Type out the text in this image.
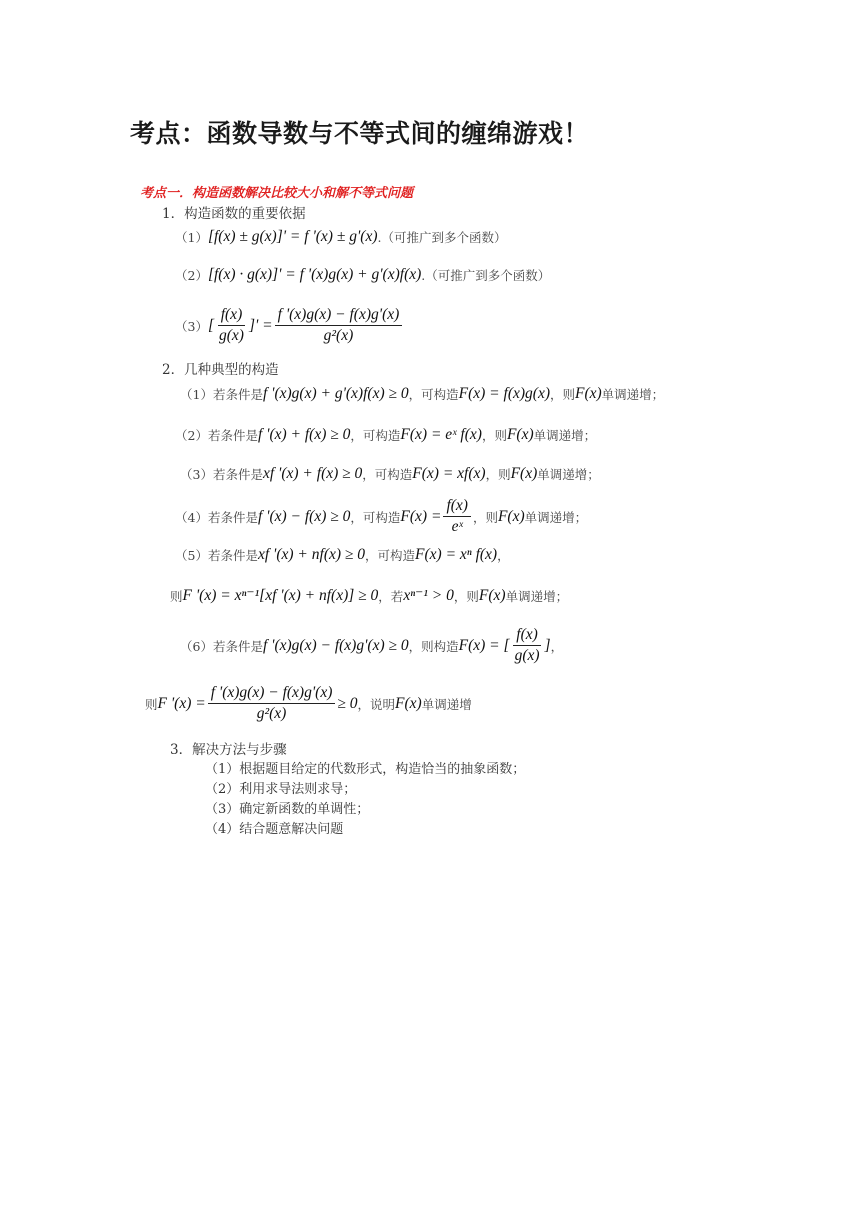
考点：函数导数与不等式间的缠绵游戏！
考点一．构造函数解决比较大小和解不等式问题
1．构造函数的重要依据
（1） [f(x) ± g(x)]' = f '(x) ± g'(x) .（可推广到多个函数）
（2） [f(x) · g(x)]' = f '(x)g(x) + g'(x)f(x) .（可推广到多个函数）
（3） [ $\frac{f(x)}{g(x)}$ ]' = $\frac{f '(x)g(x) - f(x)g'(x)}{\text{g²(x)}}$
2．几种典型的构造
（1）若条件是 f '(x)g(x) + g'(x)f(x) ≥ 0 ，可构造 F(x) = f(x)g(x) ，则 F(x) 单调递增；
（2）若条件是 f '(x) + f(x) ≥ 0 ，可构造 F(x) = eˣ f(x) ，则 F(x) 单调递增；
（3）若条件是 xf '(x) + f(x) ≥ 0 ，可构造 F(x) = xf(x) ，则 F(x) 单调递增；
（4）若条件是 f '(x) − f(x) ≥ 0 ，可构造 $F(x) = \frac{f(x)}{\text{eˣ}}$ ，则 F(x) 单调递增；
（5）若条件是 xf '(x) + nf(x) ≥ 0 ，可构造 F(x) = xⁿ f(x) ，
则 F '(x) = xⁿ⁻¹[xf '(x) + nf(x)] ≥ 0 ，若 xⁿ⁻¹ > 0 ，则 F(x) 单调递增；
（6）若条件是 f '(x)g(x) − f(x)g'(x) ≥ 0 ，则构造 F(x) = [ $\frac{f(x)}{g(x)}$ ] ，
则 F '$(x) = \frac{f '(x)g(x) - f(x)g'(x)}{\text{g²(x)}} \ge 0$ ，说明 F(x) 单调递增
3．解决方法与步骤
（1）根据题目给定的代数形式，构造恰当的抽象函数；
（2）利用求导法则求导；
（3）确定新函数的单调性；
（4）结合题意解决问题
